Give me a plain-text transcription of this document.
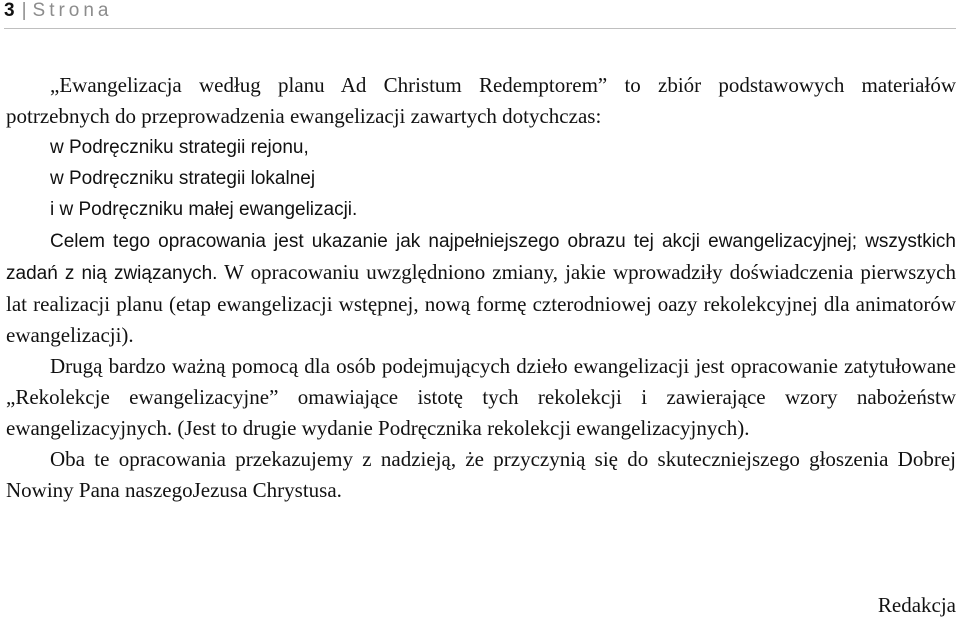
3 | Strona

„Ewangelizacja według planu Ad Christum Redemptorem” to zbiór podstawowych materiałów potrzebnych do przeprowadzenia ewangelizacji zawartych dotychczas:

w Podręczniku strategii rejonu,
w Podręczniku strategii lokalnej
i w Podręczniku małej ewangelizacji.

Celem tego opracowania jest ukazanie jak najpełniejszego obrazu tej akcji ewangelizacyjnej; wszystkich zadań z nią związanych. W opracowaniu uwzględniono zmiany, jakie wprowadziły doświadczenia pierwszych lat realizacji planu (etap ewangelizacji wstępnej, nową formę czterodniowej oazy rekolekcyjnej dla animatorów ewangelizacji).

Drugą bardzo ważną pomocą dla osób podejmujących dzieło ewangelizacji jest opracowanie zatytułowane „Rekolekcje ewangelizacyjne” omawiające istotę tych rekolekcji i zawierające wzory nabożeństw ewangelizacyjnych. (Jest to drugie wydanie Podręcznika rekolekcji ewangelizacyjnych).

Oba te opracowania przekazujemy z nadzieją, że przyczynią się do skuteczniejszego głoszenia Dobrej Nowiny Pana naszegoJezusa Chrystusa.

Redakcja
